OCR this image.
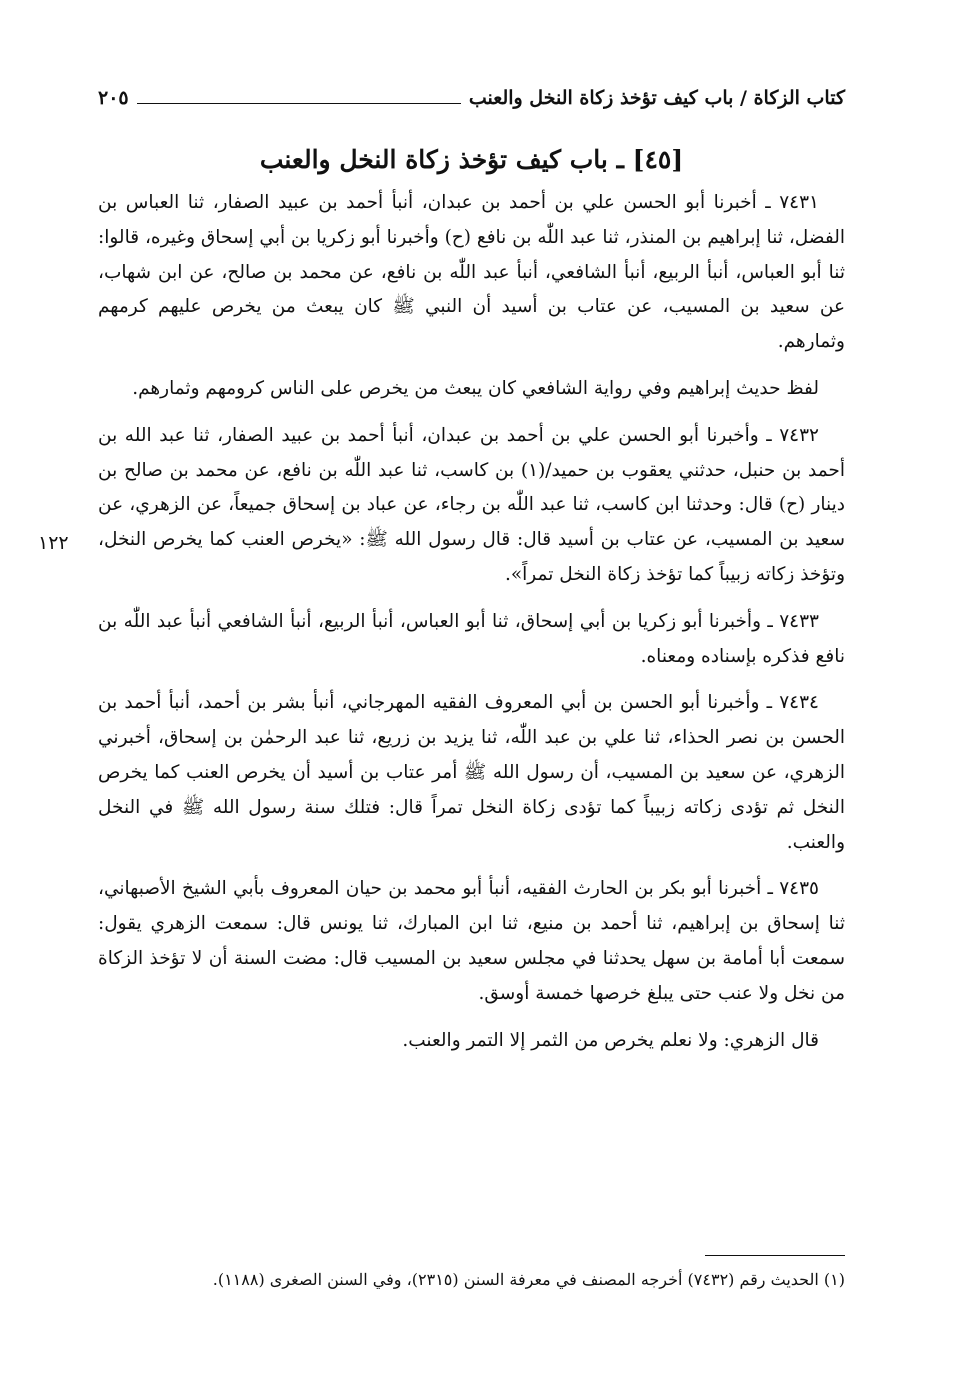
كتاب الزكاة / باب كيف تؤخذ زكاة النخل والعنب
٢٠٥
[٤٥] ـ باب كيف تؤخذ زكاة النخل والعنب

٧٤٣١ ـ أخبرنا أبو الحسن علي بن أحمد بن عبدان، أنبأ أحمد بن عبيد الصفار، ثنا العباس بن الفضل، ثنا إبراهيم بن المنذر، ثنا عبد اللّٰه بن نافع (ح) وأخبرنا أبو زكريا بن أبي إسحاق وغيره، قالوا: ثنا أبو العباس، أنبأ الربيع، أنبأ الشافعي، أنبأ عبد اللّٰه بن نافع، عن محمد بن صالح، عن ابن شهاب، عن سعيد بن المسيب، عن عتاب بن أسيد أن النبي ﷺ كان يبعث من يخرص عليهم كرمهم وثمارهم.

لفظ حديث إبراهيم وفي رواية الشافعي كان يبعث من يخرص على الناس كرومهم وثمارهم.

٧٤٣٢ ـ وأخبرنا أبو الحسن علي بن أحمد بن عبدان، أنبأ أحمد بن عبيد الصفار، ثنا عبد الله بن أحمد بن حنبل، حدثني يعقوب بن حميد/(١) بن كاسب، ثنا عبد اللّٰه بن نافع، عن محمد بن صالح بن دينار (ح) قال: وحدثنا ابن كاسب، ثنا عبد اللّٰه بن رجاء، عن عباد بن إسحاق جميعاً، عن الزهري، عن سعيد بن المسيب، عن عتاب بن أسيد قال: قال رسول الله ﷺ: «يخرص العنب كما يخرص النخل، وتؤخذ زكاته زبيباً كما تؤخذ زكاة النخل تمراً».

٧٤٣٣ ـ وأخبرنا أبو زكريا بن أبي إسحاق، ثنا أبو العباس، أنبأ الربيع، أنبأ الشافعي أنبأ عبد اللّٰه بن نافع فذكره بإسناده ومعناه.

٧٤٣٤ ـ وأخبرنا أبو الحسن بن أبي المعروف الفقيه المهرجاني، أنبأ بشر بن أحمد، أنبأ أحمد بن الحسن بن نصر الحذاء، ثنا علي بن عبد اللّٰه، ثنا يزيد بن زريع، ثنا عبد الرحمٰن بن إسحاق، أخبرني الزهري، عن سعيد بن المسيب، أن رسول الله ﷺ أمر عتاب بن أسيد أن يخرص العنب كما يخرص النخل ثم تؤدى زكاته زبيباً كما تؤدى زكاة النخل تمراً قال: فتلك سنة رسول الله ﷺ في النخل والعنب.

٧٤٣٥ ـ أخبرنا أبو بكر بن الحارث الفقيه، أنبأ أبو محمد بن حيان المعروف بأبي الشيخ الأصبهاني، ثنا إسحاق بن إبراهيم، ثنا أحمد بن منيع، ثنا ابن المبارك، ثنا يونس قال: سمعت الزهري يقول: سمعت أبا أمامة بن سهل يحدثنا في مجلس سعيد بن المسيب قال: مضت السنة أن لا تؤخذ الزكاة من نخل ولا عنب حتى يبلغ خرصها خمسة أوسق.

قال الزهري: ولا نعلم يخرص من الثمر إلا التمر والعنب.

١٢٢

(١) الحديث رقم (٧٤٣٢) أخرجه المصنف في معرفة السنن (٢٣١٥)، وفي السنن الصغرى (١١٨٨).
